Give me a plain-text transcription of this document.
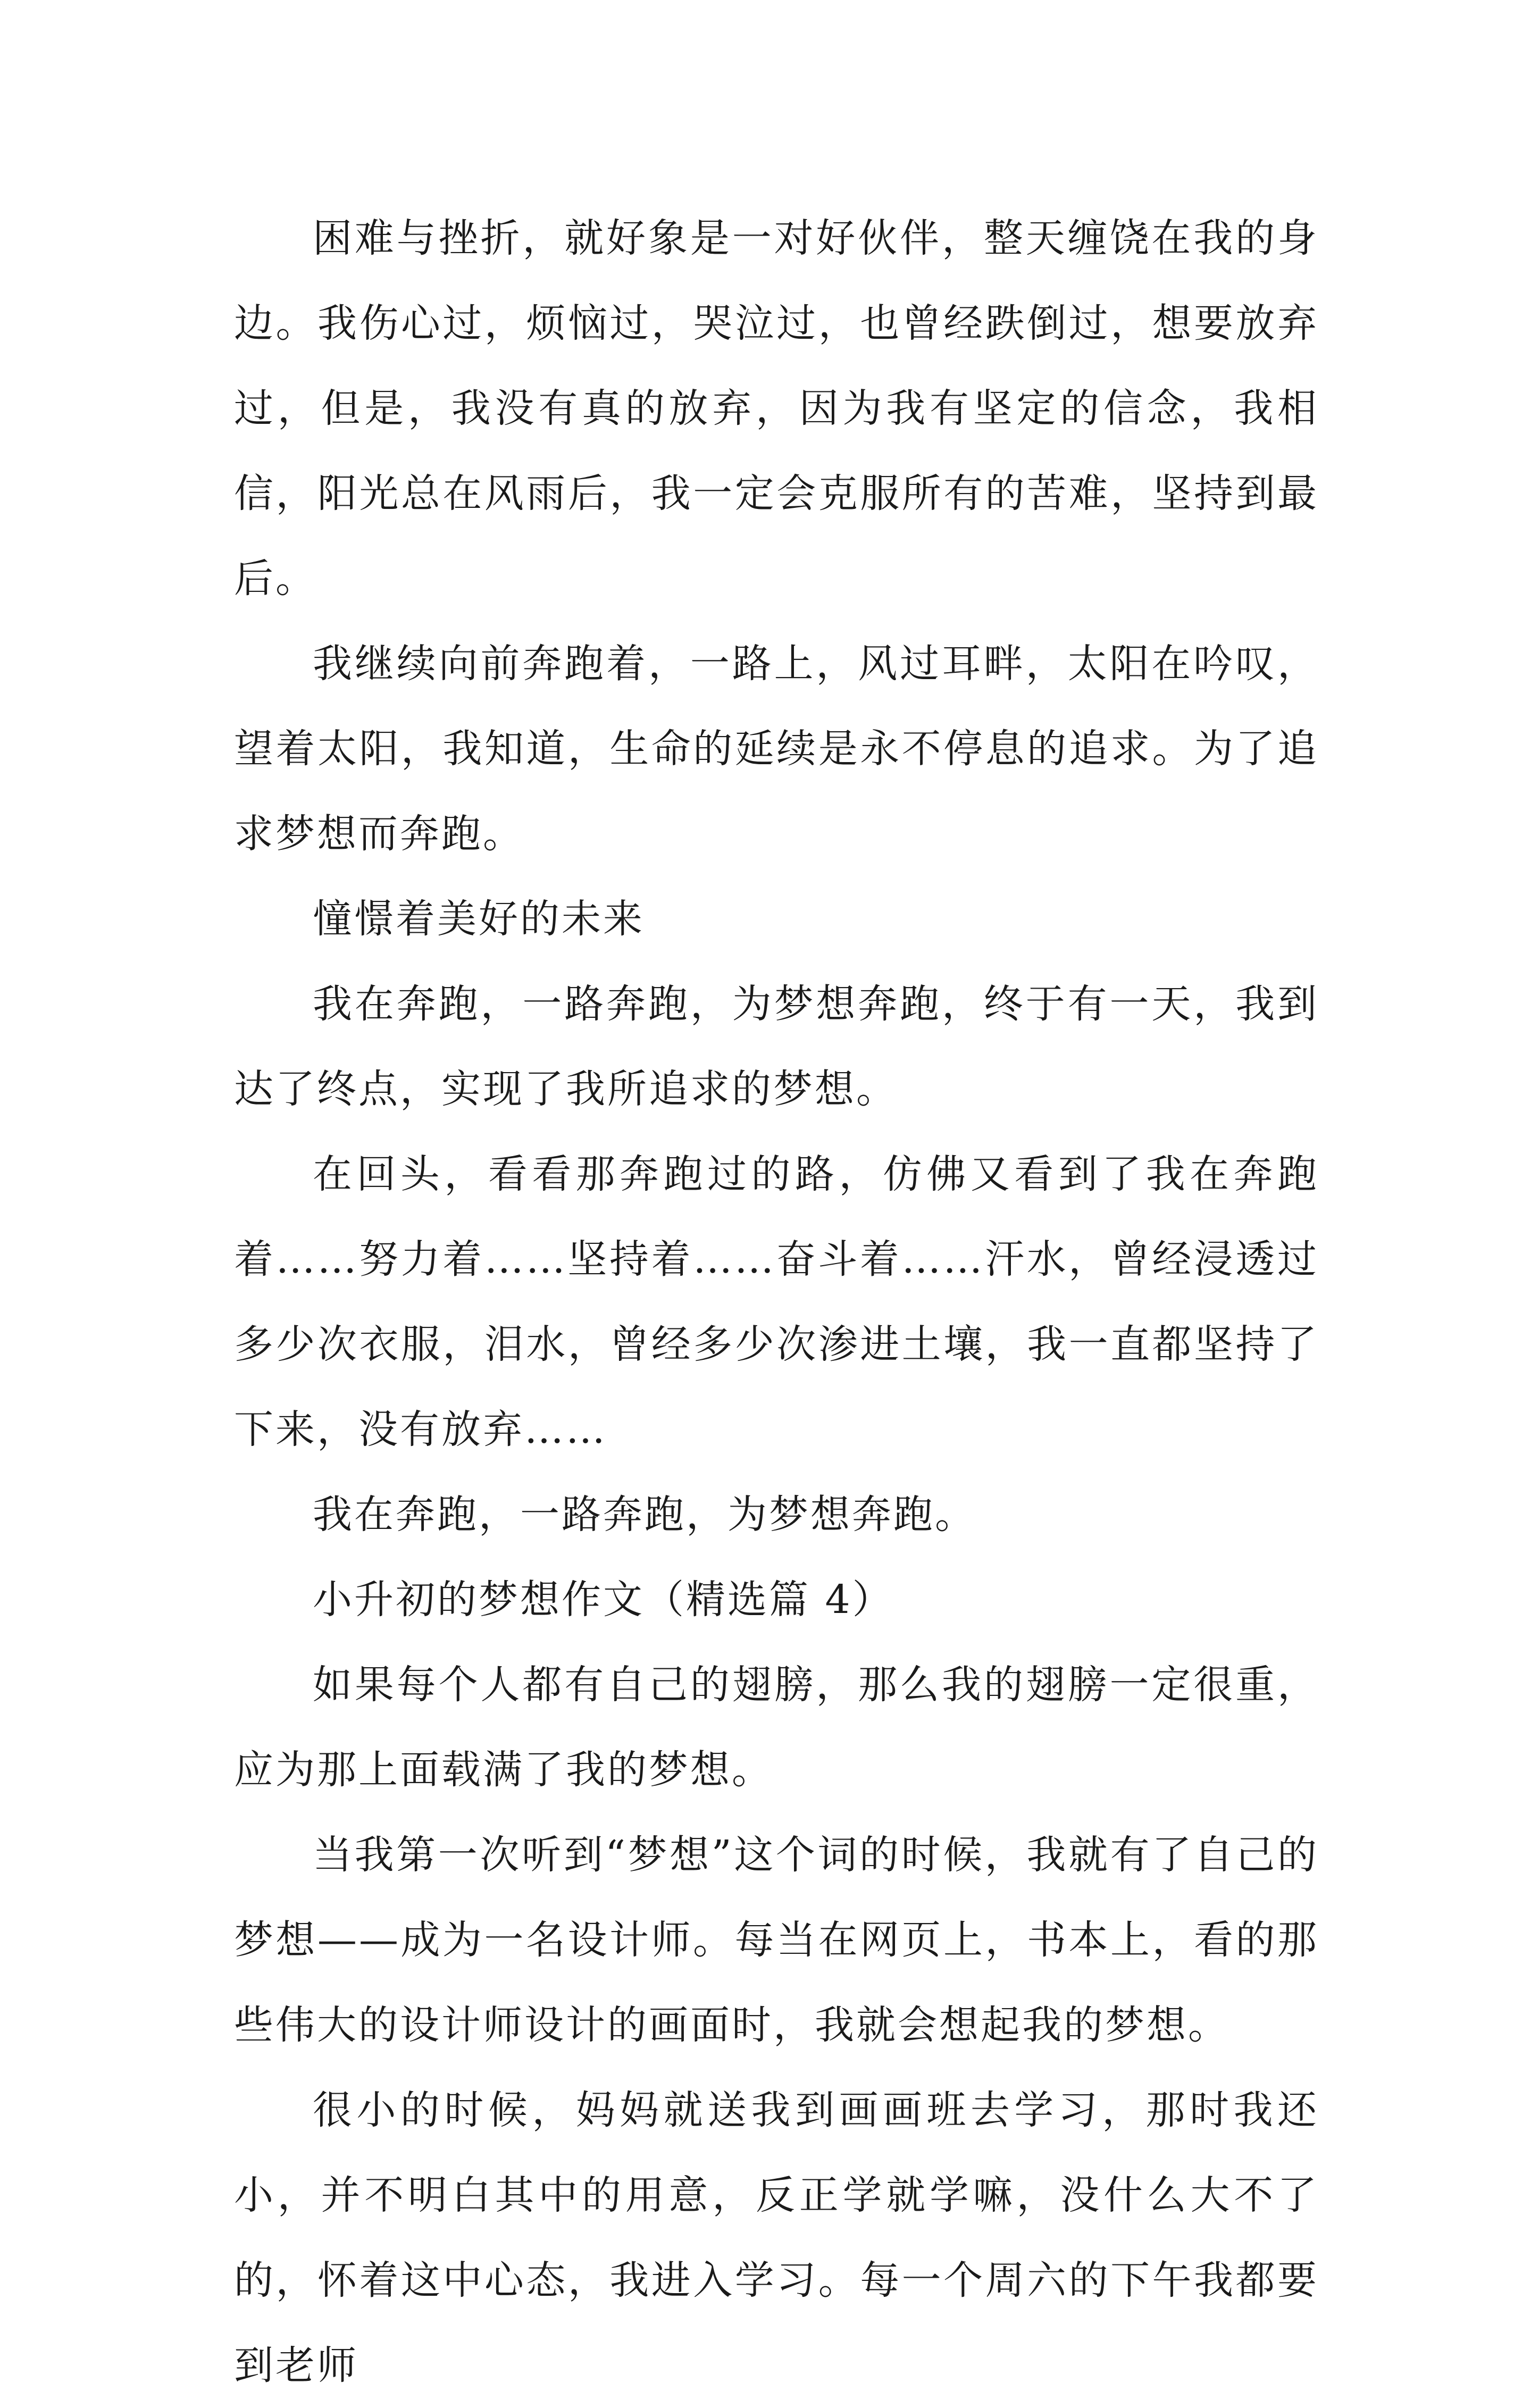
困难与挫折，就好象是一对好伙伴，整天缠饶在我的身边。我伤心过，烦恼过，哭泣过，也曾经跌倒过，想要放弃过，但是，我没有真的放弃，因为我有坚定的信念，我相信，阳光总在风雨后，我一定会克服所有的苦难，坚持到最后。

我继续向前奔跑着，一路上，风过耳畔，太阳在吟叹，望着太阳，我知道，生命的延续是永不停息的追求。为了追求梦想而奔跑。

憧憬着美好的未来

我在奔跑，一路奔跑，为梦想奔跑，终于有一天，我到达了终点，实现了我所追求的梦想。

在回头，看看那奔跑过的路，仿佛又看到了我在奔跑着……努力着……坚持着……奋斗着……汗水，曾经浸透过多少次衣服，泪水，曾经多少次渗进土壤，我一直都坚持了下来，没有放弃……

我在奔跑，一路奔跑，为梦想奔跑。

小升初的梦想作文（精选篇 4）

如果每个人都有自己的翅膀，那么我的翅膀一定很重，应为那上面载满了我的梦想。

当我第一次听到“梦想”这个词的时候，我就有了自己的梦想——成为一名设计师。每当在网页上，书本上，看的那些伟大的设计师设计的画面时，我就会想起我的梦想。

很小的时候，妈妈就送我到画画班去学习，那时我还小，并不明白其中的用意，反正学就学嘛，没什么大不了的，怀着这中心态，我进入学习。每一个周六的下午我都要到老师
